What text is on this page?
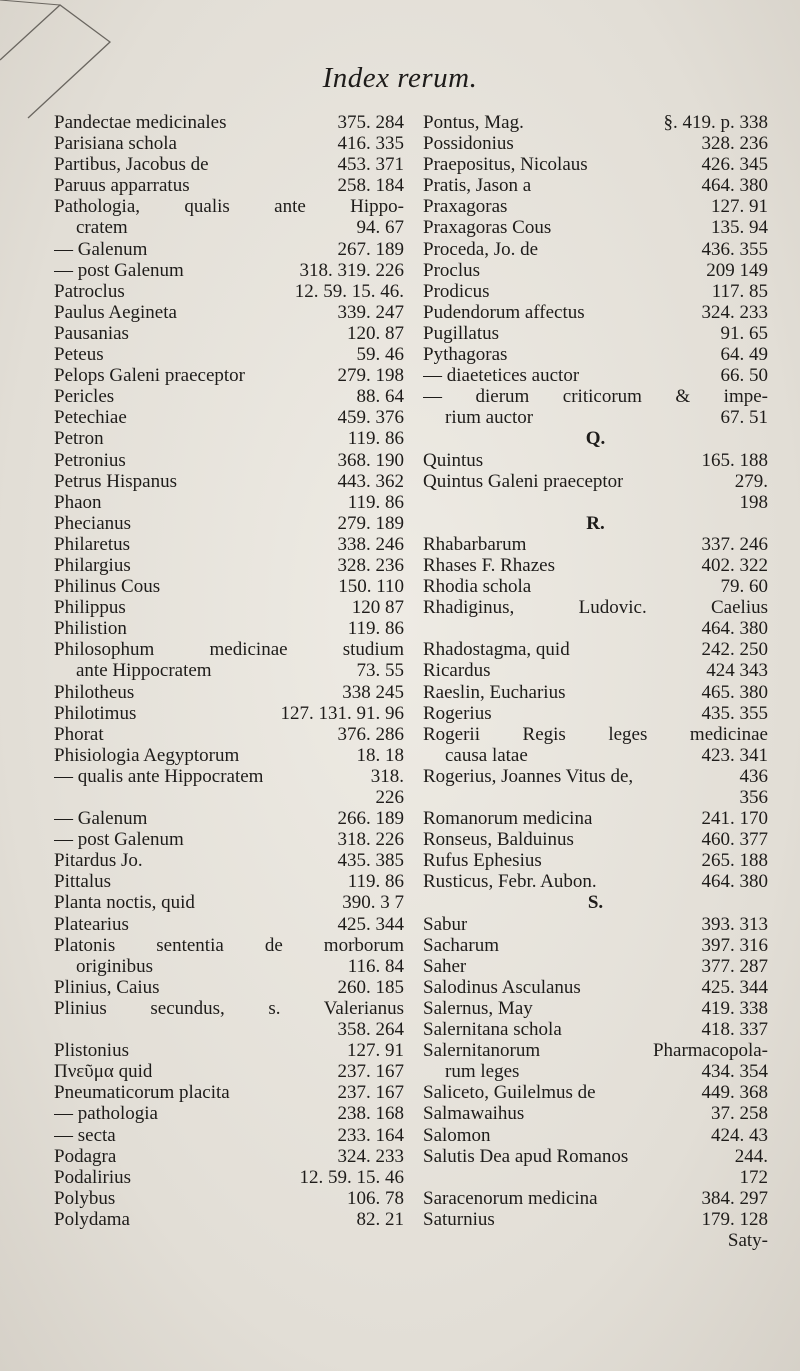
Index rerum.
Pandectae medicinales	375. 284
Parisiana schola	416. 335
Partibus, Jacobus de	453. 371
Paruus apparratus	258. 184
Pathologia, qualis ante Hippo-
cratem	94. 67
— Galenum	267. 189
— post Galenum	318. 319. 226
Patroclus	12. 59. 15. 46.
Paulus Aegineta	339. 247
Pausanias	120. 87
Peteus	59. 46
Pelops Galeni praeceptor	279. 198
Pericles	88. 64
Petechiae	459. 376
Petron	119. 86
Petronius	368. 190
Petrus Hispanus	443. 362
Phaon	119. 86
Phecianus	279. 189
Philaretus	338. 246
Philargius	328. 236
Philinus Cous	150. 110
Philippus	120 87
Philistion	119. 86
Philosophum medicinae studium
ante Hippocratem	73. 55
Philotheus	338 245
Philotimus	127. 131. 91. 96
Phorat	376. 286
Phisiologia Aegyptorum	18. 18
— qualis ante Hippocratem	318.
226
— Galenum	266. 189
— post Galenum	318. 226
Pitardus Jo.	435. 385
Pittalus	119. 86
Planta noctis, quid	390. 3 7
Platearius	425. 344
Platonis sententia de morborum
originibus	116. 84
Plinius, Caius	260. 185
Plinius secundus, s. Valerianus
358. 264
Plistonius	127. 91
Πνεῦμα quid	237. 167
Pneumaticorum placita	237. 167
— pathologia	238. 168
— secta	233. 164
Podagra	324. 233
Podalirius	12. 59. 15. 46
Polybus	106. 78
Polydama	82. 21
Pontus, Mag.	§. 419. p. 338
Possidonius	328. 236
Praepositus, Nicolaus	426. 345
Pratis, Jason a	464. 380
Praxagoras	127. 91
Praxagoras Cous	135. 94
Proceda, Jo. de	436. 355
Proclus	209 149
Prodicus	117. 85
Pudendorum affectus	324. 233
Pugillatus	91. 65
Pythagoras	64. 49
— diaetetices auctor	66. 50
— dierum criticorum & impe-
rium auctor	67. 51
Q.
Quintus	165. 188
Quintus Galeni praeceptor	279.
198
R.
Rhabarbarum	337. 246
Rhases F. Rhazes	402. 322
Rhodia schola	79. 60
Rhadiginus, Ludovic. Caelius
464. 380
Rhadostagma, quid	242. 250
Ricardus	424 343
Raeslin, Eucharius	465. 380
Rogerius	435. 355
Rogerii Regis leges medicinae
causa latae	423. 341
Rogerius, Joannes Vitus de,	436
356
Romanorum medicina	241. 170
Ronseus, Balduinus	460. 377
Rufus Ephesius	265. 188
Rusticus, Febr. Aubon.	464. 380
S.
Sabur	393. 313
Sacharum	397. 316
Saher	377. 287
Salodinus Asculanus	425. 344
Salernus, May	419. 338
Salernitana schola	418. 337
Salernitanorum Pharmacopola-
rum leges	434. 354
Saliceto, Guilelmus de	449. 368
Salmawaihus	37. 258
Salomon	424. 43
Salutis Dea apud Romanos	244.
172
Saracenorum medicina	384. 297
Saturnius	179. 128
Saty-
